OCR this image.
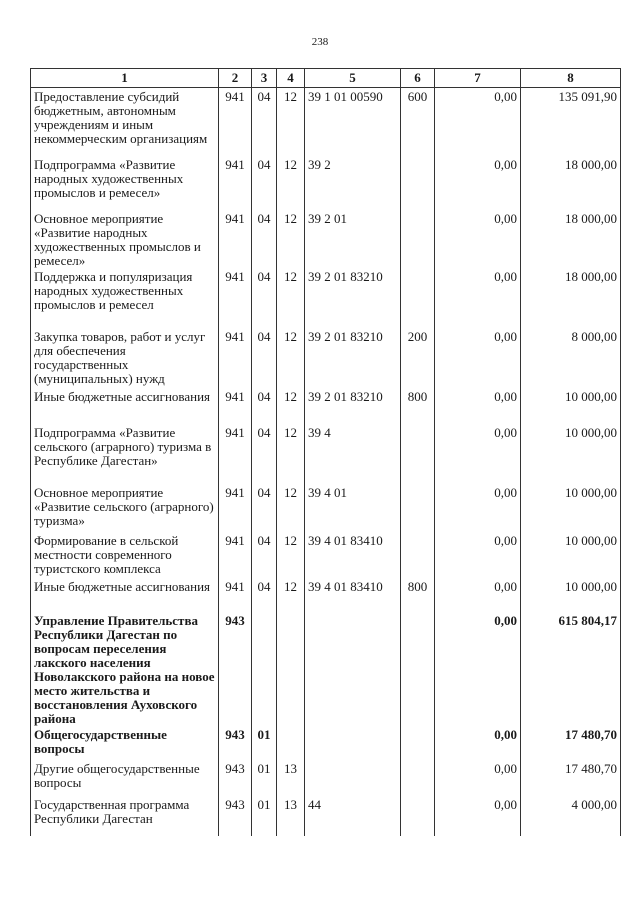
238
1	2	3	4	5	6	7	8
Предоставление субсидий бюджетным, автономным учреждениям и иным некоммерческим организациям	941	04	12	39 1 01 00590	600	0,00	135 091,90
Подпрограмма «Развитие народных художественных промыслов и ремесел»	941	04	12	39 2		0,00	18 000,00
Основное мероприятие «Развитие народных художественных промыслов и ремесел»	941	04	12	39 2 01		0,00	18 000,00
Поддержка и популяризация народных художественных промыслов и ремесел	941	04	12	39 2 01 83210		0,00	18 000,00
Закупка товаров, работ и услуг для обеспечения государственных (муниципальных) нужд	941	04	12	39 2 01 83210	200	0,00	8 000,00
Иные бюджетные ассигнования	941	04	12	39 2 01 83210	800	0,00	10 000,00
Подпрограмма «Развитие сельского (аграрного) туризма в Республике Дагестан»	941	04	12	39 4		0,00	10 000,00
Основное мероприятие «Развитие сельского (аграрного) туризма»	941	04	12	39 4 01		0,00	10 000,00
Формирование в сельской местности современного туристского комплекса	941	04	12	39 4 01 83410		0,00	10 000,00
Иные бюджетные ассигнования	941	04	12	39 4 01 83410	800	0,00	10 000,00
Управление Правительства Республики Дагестан по вопросам переселения лакского населения Новолакского района на новое место жительства и восстановления Ауховского района	943					0,00	615 804,17
Общегосударственные вопросы	943	01				0,00	17 480,70
Другие общегосударственные вопросы	943	01	13			0,00	17 480,70
Государственная программа Республики Дагестан	943	01	13	44		0,00	4 000,00
